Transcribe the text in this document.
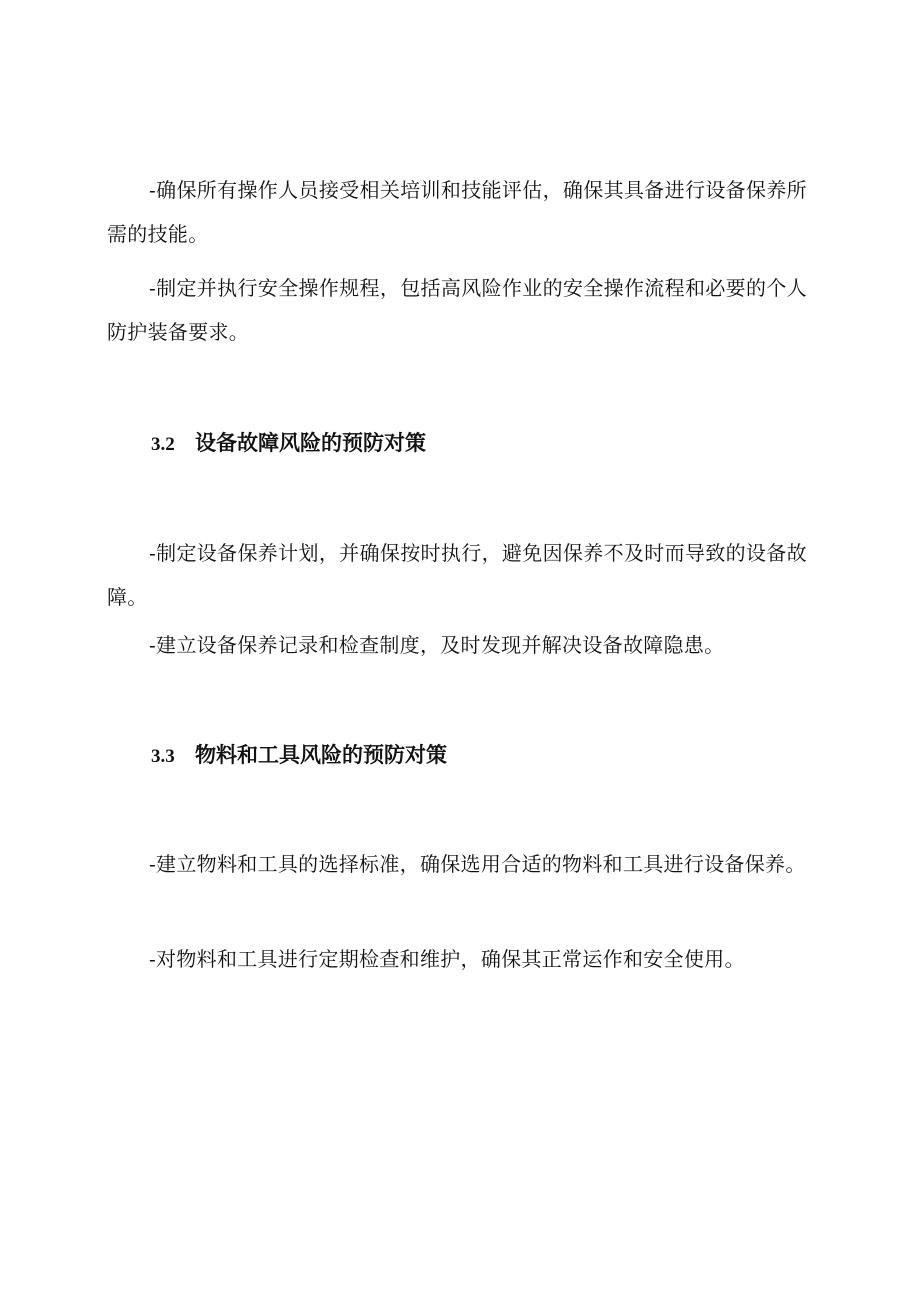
-确保所有操作人员接受相关培训和技能评估，确保其具备进行设备保养所需的技能。

-制定并执行安全操作规程，包括高风险作业的安全操作流程和必要的个人防护装备要求。

3.2 设备故障风险的预防对策

-制定设备保养计划，并确保按时执行，避免因保养不及时而导致的设备故障。

-建立设备保养记录和检查制度，及时发现并解决设备故障隐患。

3.3 物料和工具风险的预防对策

-建立物料和工具的选择标准，确保选用合适的物料和工具进行设备保养。

-对物料和工具进行定期检查和维护，确保其正常运作和安全使用。
